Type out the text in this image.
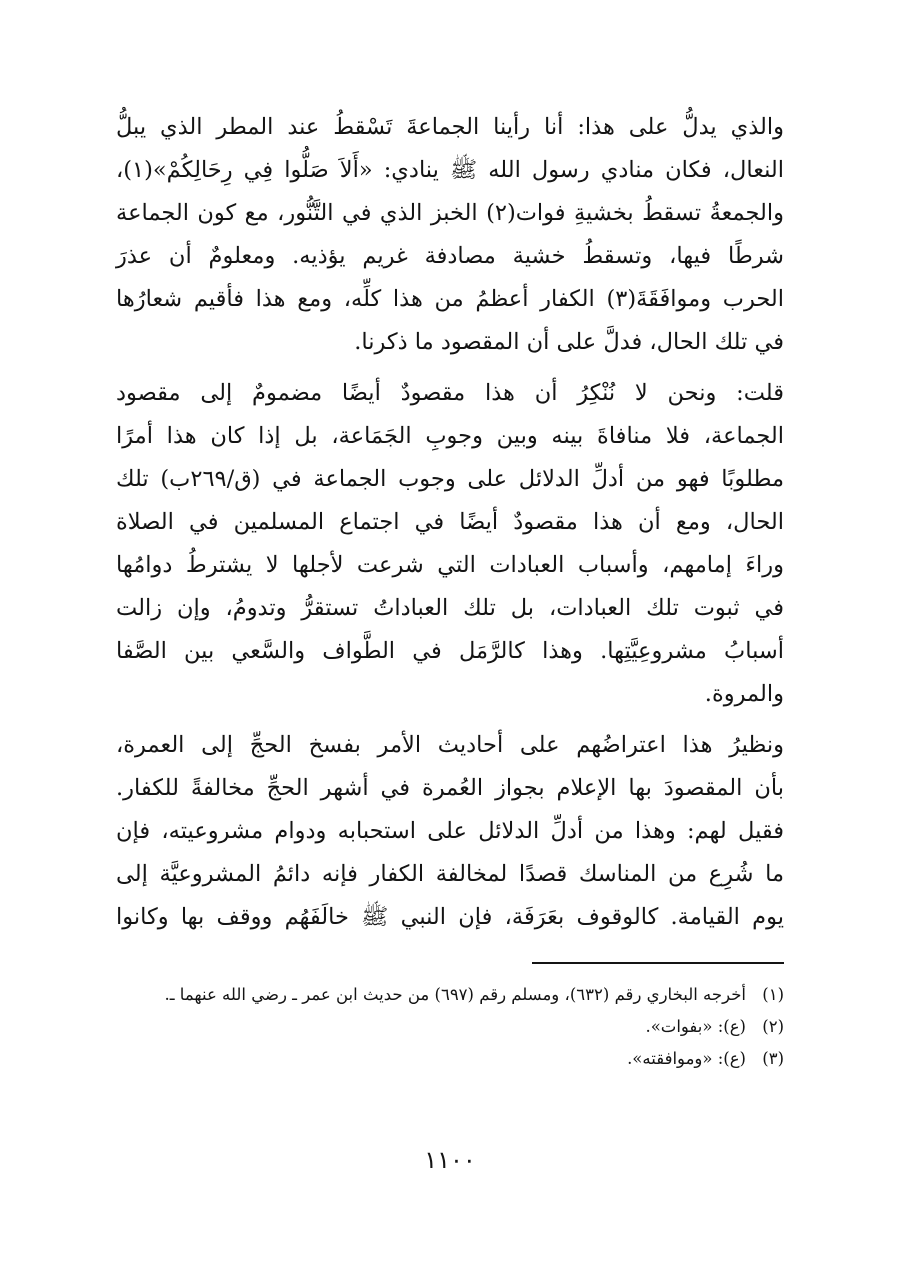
والذي يدلُّ على هذا: أنا رأينا الجماعةَ تَسْقطُ عند المطر الذي يبلُّ
النعال، فكان منادي رسول الله ﷺ ينادي: «أَلاَ صَلُّوا فِي رِحَالِكُمْ»(١)،
والجمعةُ تسقطُ بخشيةِ فوات(٢) الخبز الذي في التَّنُّور، مع كون الجماعة
شرطًا فيها، وتسقطُ خشية مصادفة غريم يؤذيه. ومعلومٌ أن عذرَ
الحرب وموافَقَةَ(٣) الكفار أعظمُ من هذا كلِّه، ومع هذا فأقيم شعارُها
في تلك الحال، فدلَّ على أن المقصود ما ذكرنا.

قلت: ونحن لا نُنْكِرُ أن هذا مقصودٌ أيضًا مضمومٌ إلى مقصود
الجماعة، فلا منافاةَ بينه وبين وجوبِ الجَمَاعة، بل إذا كان هذا أمرًا
مطلوبًا فهو من أدلِّ الدلائل على وجوب الجماعة في (ق/٢٦٩ب) تلك
الحال، ومع أن هذا مقصودٌ أيضًا في اجتماع المسلمين في الصلاة
وراءَ إمامهم، وأسباب العبادات التي شرعت لأجلها لا يشترطُ دوامُها
في ثبوت تلك العبادات، بل تلك العباداتُ تستقرُّ وتدومُ، وإن زالت
أسبابُ مشروعِيَّتِها. وهذا كالرَّمَل في الطَّواف والسَّعي بين الصَّفا
والمروة.

ونظيرُ هذا اعتراضُهم على أحاديث الأمر بفسخ الحجِّ إلى العمرة،
بأن المقصودَ بها الإعلام بجواز العُمرة في أشهر الحجِّ مخالفةً للكفار.
فقيل لهم: وهذا من أدلِّ الدلائل على استحبابه ودوام مشروعيته، فإن
ما شُرِع من المناسك قصدًا لمخالفة الكفار فإنه دائمُ المشروعيَّة إلى
يوم القيامة. كالوقوف بعَرَفَة، فإن النبي ﷺ خالَفَهُم ووقف بها وكانوا

(١)
أخرجه البخاري رقم (٦٣٢)، ومسلم رقم (٦٩٧) من حديث ابن عمر ـ رضي الله عنهما ـ.
(٢)
(ع): «بفوات».
(٣)
(ع): «وموافقته».
١١٠٠
